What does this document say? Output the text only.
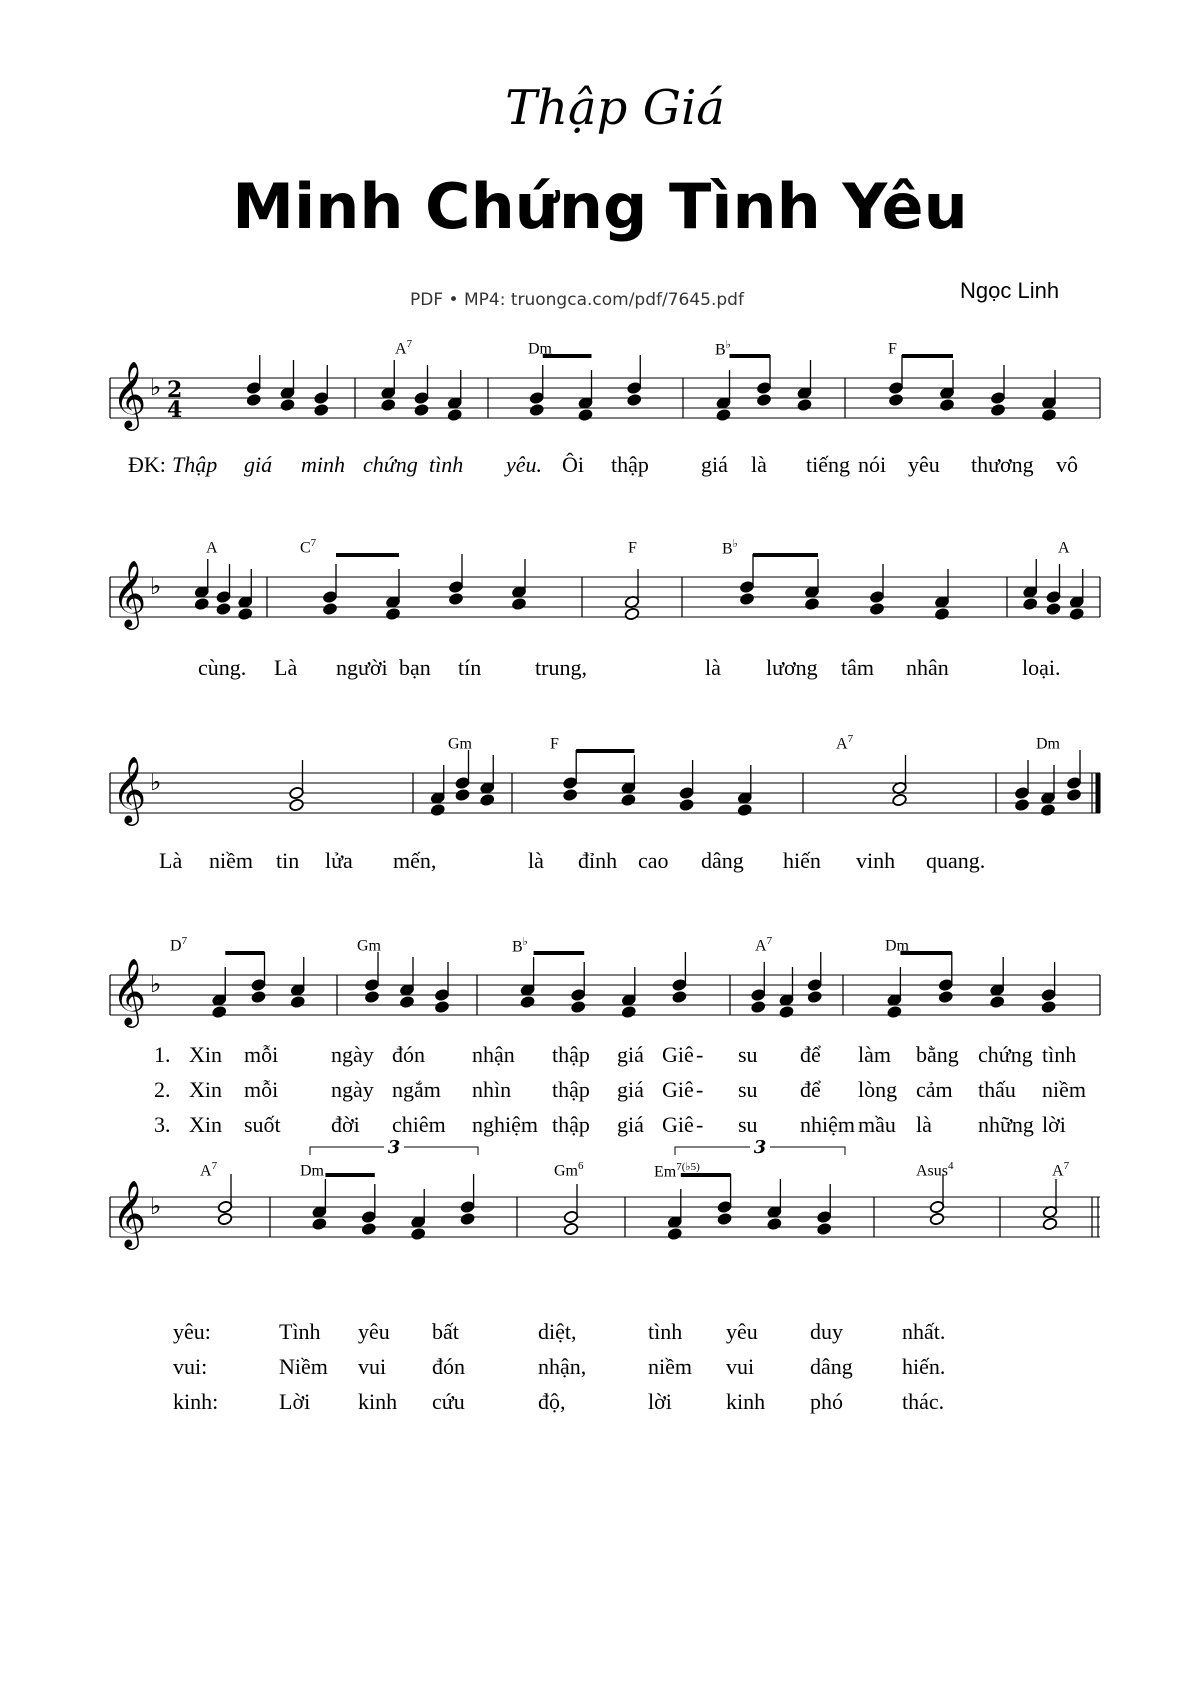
Thập Giá
Minh Chứng Tình Yêu
Ngọc Linh
PDF • MP4: truongca.com/pdf/7645.pdf
𝄞 ♭
𝄞 ♭
𝄞 ♭
𝄞 ♭
𝄞 ♭
2
4
3	3
$A^7$	Dm	B♭	F
ĐK: Thập giá minh chứng tình yêu. Ôi thập giá là tiếng nói yêu thương vô
A	$C^7$	F	B♭	A
cùng. Là người bạn tín trung,	là lương tâm nhân	loại.
Gm	F	$A^7$	Dm
Là niềm tin lửa mến,	là đỉnh cao dâng hiến vinh quang.
$D^7$	Gm	B♭	$A^7$	Dm
1. Xin mỗi ngày đón nhận thập giá Giê - su để làm bằng chứng tình
2. Xin mỗi ngày ngắm nhìn thập giá Giê - su để lòng cảm thấu niềm
3. Xin suốt đời chiêm nghiệm thập giá Giê - su nhiệm mầu là những lời
$A^7$	Dm	Gm$^6$	$Em^{7(♭5)}$	Asus$^4$	$A^7$
yêu:	Tình yêu bất	diệt,	tình yêu duy	nhất.
vui:	Niềm vui đón	nhận,	niềm vui	dâng hiến.
kinh:	Lời kinh cứu	độ,	lời kinh phó	thác.
